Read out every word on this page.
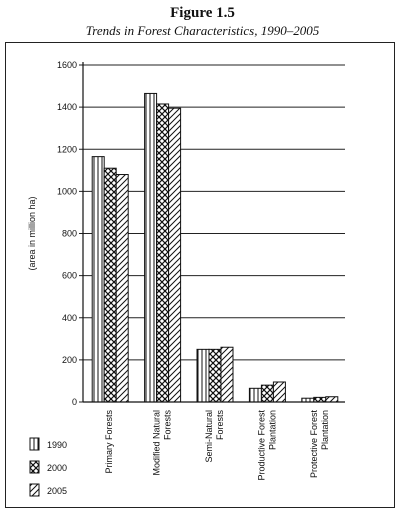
Figure 1.5
Trends in Forest Characteristics, 1990–2005
0
200
400
600
800
1000
1200
1400
1600
(area in million ha)
Primary Forests	Modified NaturalForests	Semi-NaturalForests	Productive ForestPlantation	Protective ForestPlantation
1990
2000
2005
